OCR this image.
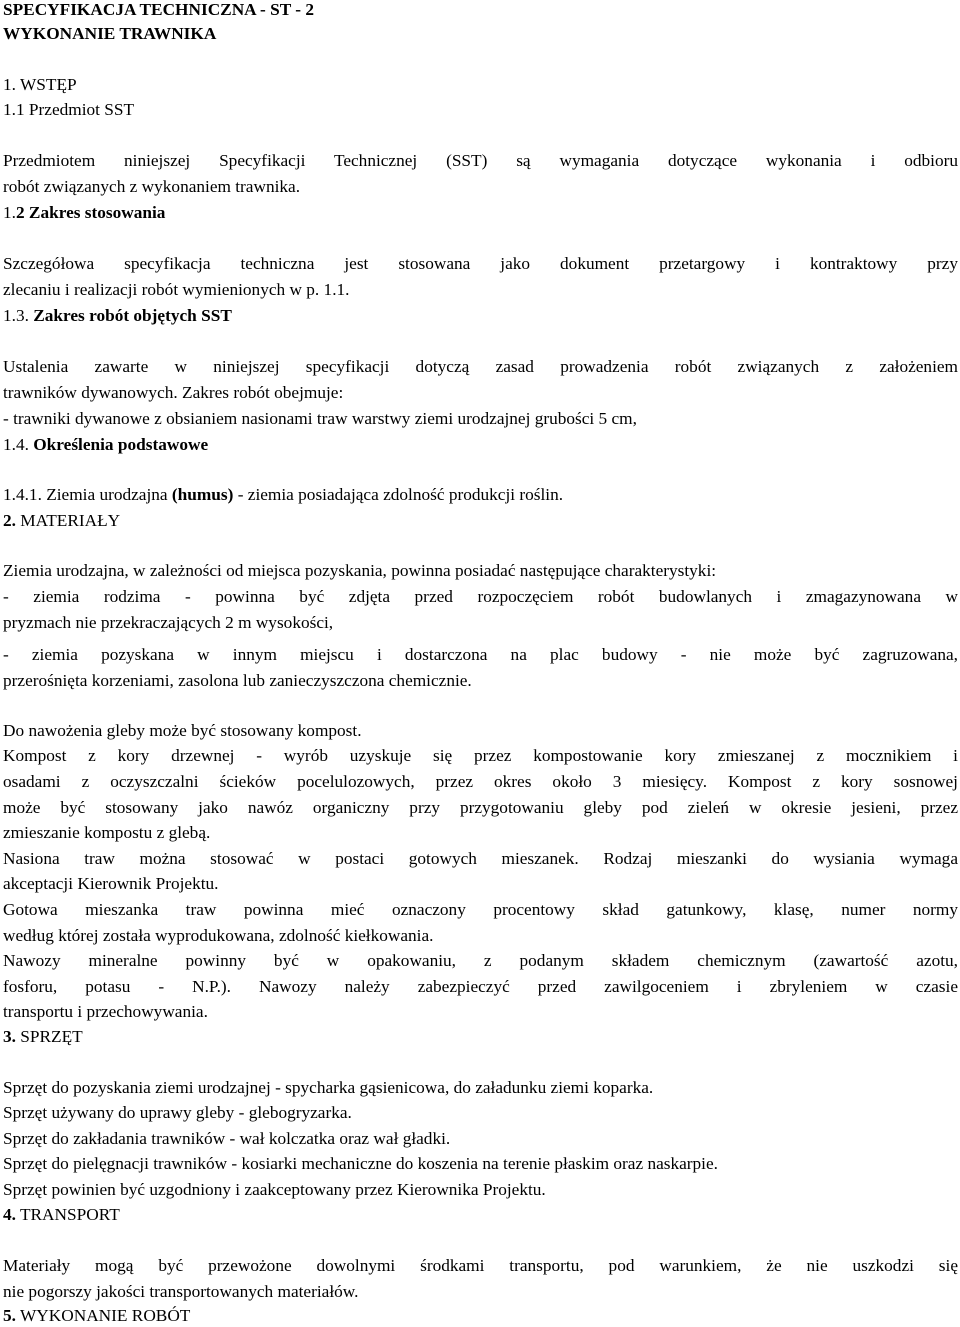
SPECYFIKACJA TECHNICZNA - ST - 2
WYKONANIE TRAWNIKA
1. WSTĘP
1.1 Przedmiot SST
Przedmiotem niniejszej Specyfikacji Technicznej (SST) są wymagania dotyczące wykonania i odbioru
robót związanych z wykonaniem trawnika.
1.2 Zakres stosowania
Szczegółowa specyfikacja techniczna jest stosowana jako dokument przetargowy i kontraktowy przy
zlecaniu i realizacji robót wymienionych w p. 1.1.
1.3. Zakres robót objętych SST
Ustalenia zawarte w niniejszej specyfikacji dotyczą zasad prowadzenia robót związanych z założeniem
trawników dywanowych. Zakres robót obejmuje:
- trawniki dywanowe z obsianiem nasionami traw warstwy ziemi urodzajnej grubości 5 cm,
1.4. Określenia podstawowe
1.4.1. Ziemia urodzajna (humus) - ziemia posiadająca zdolność produkcji roślin.
2. MATERIAŁY
Ziemia urodzajna, w zależności od miejsca pozyskania, powinna posiadać następujące charakterystyki:
- ziemia rodzima - powinna być zdjęta przed rozpoczęciem robót budowlanych i zmagazynowana w
pryzmach nie przekraczających 2 m wysokości,
- ziemia pozyskana w innym miejscu i dostarczona na plac budowy - nie może być zagruzowana,
przerośnięta korzeniami, zasolona lub zanieczyszczona chemicznie.
Do nawożenia gleby może być stosowany kompost.
Kompost z kory drzewnej - wyrób uzyskuje się przez kompostowanie kory zmieszanej z mocznikiem i
osadami z oczyszczalni ścieków pocelulozowych, przez okres około 3 miesięcy. Kompost z kory sosnowej
może być stosowany jako nawóz organiczny przy przygotowaniu gleby pod zieleń w okresie jesieni, przez
zmieszanie kompostu z glebą.
Nasiona traw można stosować w postaci gotowych mieszanek. Rodzaj mieszanki do wysiania wymaga
akceptacji Kierownik Projektu.
Gotowa mieszanka traw powinna mieć oznaczony procentowy skład gatunkowy, klasę, numer normy
według której została wyprodukowana, zdolność kiełkowania.
Nawozy mineralne powinny być w opakowaniu, z podanym składem chemicznym (zawartość azotu,
fosforu, potasu - N.P.). Nawozy należy zabezpieczyć przed zawilgoceniem i zbryleniem w czasie
transportu i przechowywania.
3. SPRZĘT
Sprzęt do pozyskania ziemi urodzajnej - spycharka gąsienicowa, do załadunku ziemi koparka.
Sprzęt używany do uprawy gleby - glebogryzarka.
Sprzęt do zakładania trawników - wał kolczatka oraz wał gładki.
Sprzęt do pielęgnacji trawników - kosiarki mechaniczne do koszenia na terenie płaskim oraz naskarpie.
Sprzęt powinien być uzgodniony i zaakceptowany przez Kierownika Projektu.
4. TRANSPORT
Materiały mogą być przewożone dowolnymi środkami transportu, pod warunkiem, że nie uszkodzi się
nie pogorszy jakości transportowanych materiałów.
5. WYKONANIE ROBÓT
